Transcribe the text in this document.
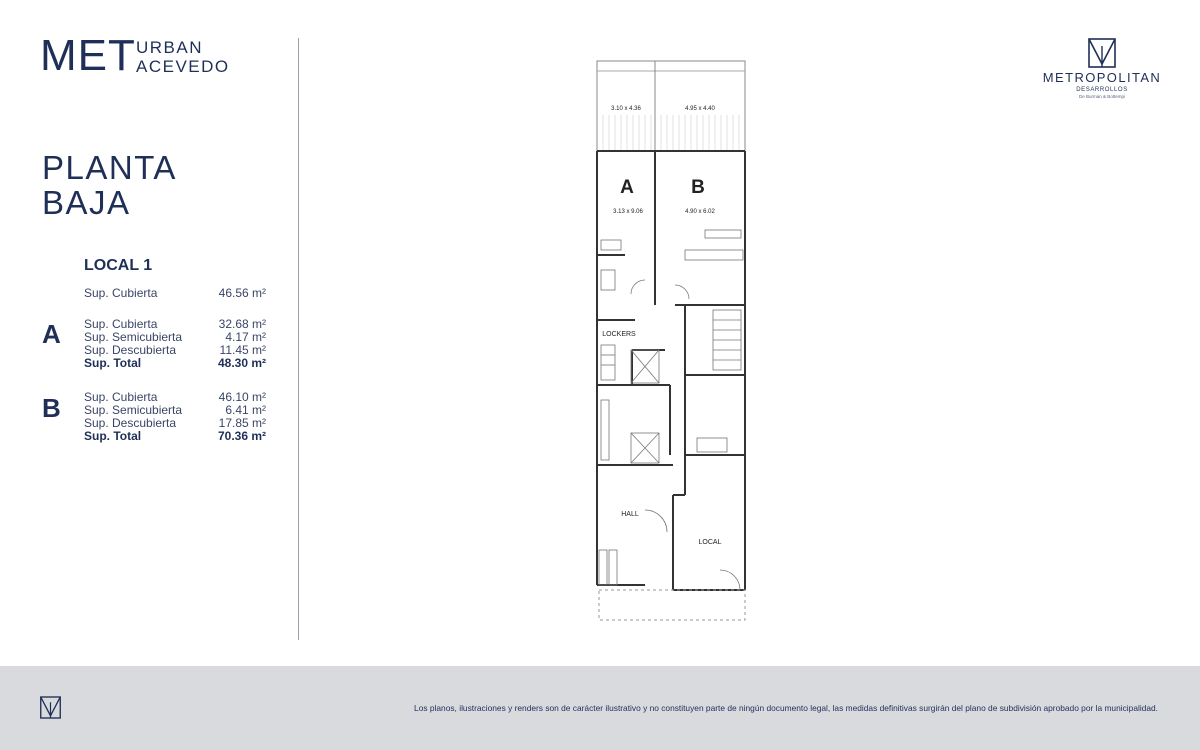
MET URBAN
ACEVEDO
PLANTA
BAJA
LOCAL 1
Sup. Cubierta	46.56 m²
A Sup. Cubierta	32.68 m²
Sup. Semicubierta	4.17 m²
Sup. Descubierta	11.45 m²
Sup. Total	48.30 m²
B Sup. Cubierta	46.10 m²
Sup. Semicubierta	6.41 m²
Sup. Descubierta	17.85 m²
Sup. Total	70.36 m²
METROPOLITAN
DESARROLLOS
De Burman & Bottempi
3.10 x 4.36	4.95 x 4.40
A	B
3.13 x 9.06	4.90 x 6.02
LOCKERS
HALL
LOCAL
Los planos, ilustraciones y renders son de carácter ilustrativo y no constituyen parte de ningún documento legal, las medidas definitivas surgirán del plano de subdivisión aprobado por la municipalidad.
